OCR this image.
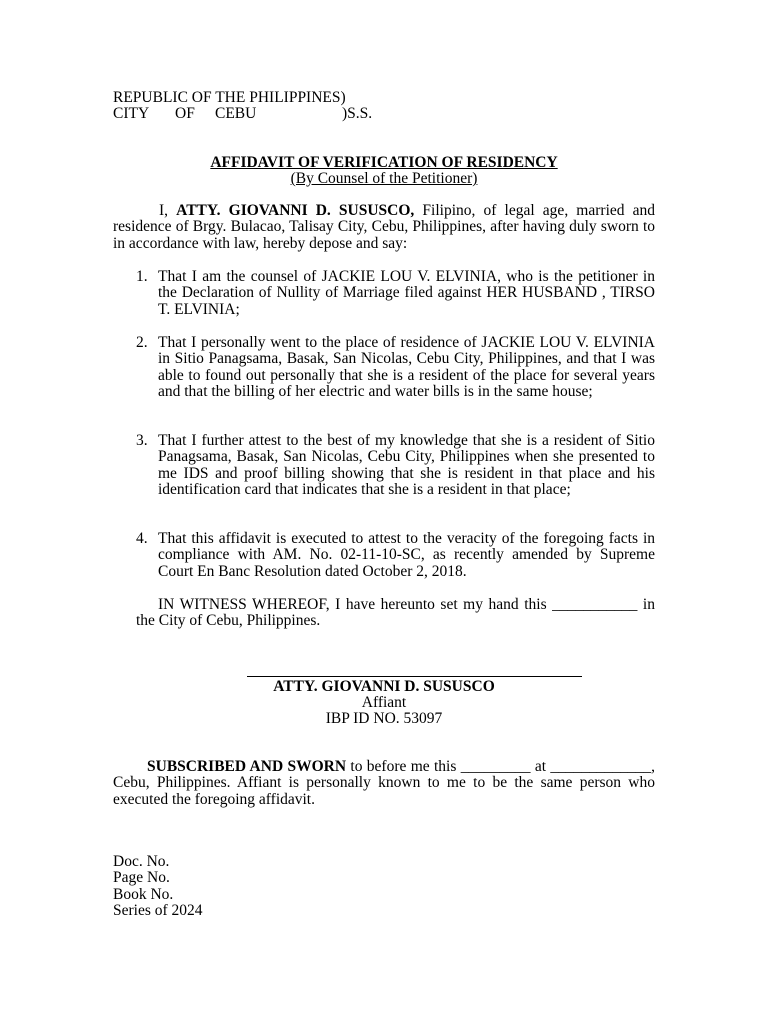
REPUBLIC OF THE PHILIPPINES)
CITY OF CEBU	)S.S.
AFFIDAVIT OF VERIFICATION OF RESIDENCY
(By Counsel of the Petitioner)
I, ATTY. GIOVANNI D. SUSUSCO, Filipino, of legal age, married and residence of Brgy. Bulacao, Talisay City, Cebu, Philippines, after having duly sworn to in accordance with law, hereby depose and say:
1. That I am the counsel of JACKIE LOU V. ELVINIA, who is the petitioner in the Declaration of Nullity of Marriage filed against HER HUSBAND , TIRSO T. ELVINIA;
2. That I personally went to the place of residence of JACKIE LOU V. ELVINIA in Sitio Panagsama, Basak, San Nicolas, Cebu City, Philippines, and that I was able to found out personally that she is a resident of the place for several years and that the billing of her electric and water bills is in the same house;
3. That I further attest to the best of my knowledge that she is a resident of Sitio Panagsama, Basak, San Nicolas, Cebu City, Philippines when she presented to me IDS and proof billing showing that she is resident in that place and his identification card that indicates that she is a resident in that place;
4. That this affidavit is executed to attest to the veracity of the foregoing facts in compliance with AM. No. 02-11-10-SC, as recently amended by Supreme Court En Banc Resolution dated October 2, 2018.
IN WITNESS WHEREOF, I have hereunto set my hand this ___________ in the City of Cebu, Philippines.
ATTY. GIOVANNI D. SUSUSCO
Affiant
IBP ID NO. 53097
SUBSCRIBED AND SWORN to before me this _________ at _____________, Cebu, Philippines. Affiant is personally known to me to be the same person who executed the foregoing affidavit.
Doc. No.
Page No.
Book No.
Series of 2024
